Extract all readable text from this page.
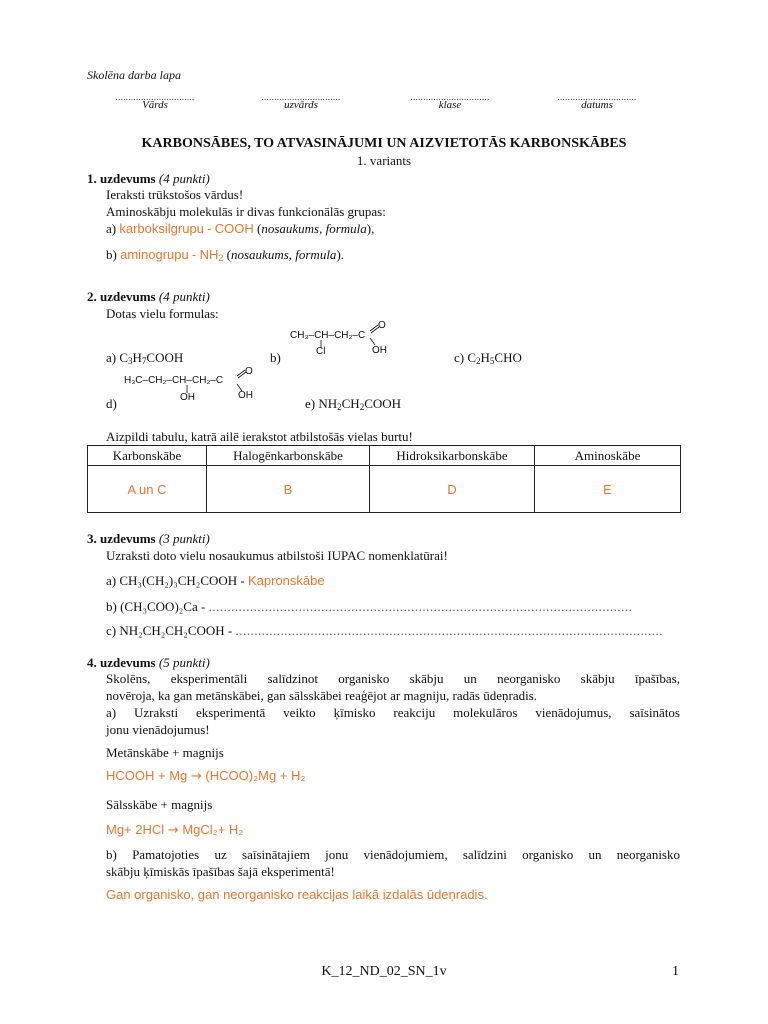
Skolēna darba lapa
...............................
Vārds
...............................
uzvārds
...............................
klase
...............................
datums
KARBONSĀBES, TO ATVASINĀJUMI UN AIZVIETOTĀS KARBONSKĀBES
1. variants
1. uzdevums (4 punkti)
Ieraksti trūkstošos vārdus!
Aminoskābju molekulās ir divas funkcionālās grupas:
a) karboksilgrupu - COOH (nosaukums, formula),
b) aminogrupu - $NH_2$ (nosaukums, formula).
2. uzdevums (4 punkti)
Dotas vielu formulas:
CH₃–CH–CH₂–C
O
OH
Cl
a) $C_3H_7COOH$	b)	c) $C_2H_5CHO$
H₃C–CH₂–CH–CH₂–C
O
OH
OH
d)	e) $NH_2CH_2COOH$
Aizpildi tabulu, katrā ailē ierakstot atbilstošās vielas burtu!
Karbonskābe	Halogēnkarbonskābe	Hidroksikarbonskābe	Aminoskābe
A un C	B	D	E
3. uzdevums (3 punkti)
Uzraksti doto vielu nosaukumus atbilstoši IUPAC nomenklatūrai!
a) CH₃(CH₂)₃CH₂COOH - Kapronskābe
b) (CH₃COO)₂Ca - .................................................................................................................
c) NH₂CH₂CH₂COOH - ..................................................................................................................
4. uzdevums (5 punkti)
Skolēns, eksperimentāli salīdzinot organisko skābju un neorganisko skābju īpašības,
novēroja, ka gan metānskābei, gan sālsskābei reaģējot ar magniju, radās ūdeņradis.
a) Uzraksti eksperimentā veikto ķīmisko reakciju molekulāros vienādojumus, saīsinātos
jonu vienādojumus!
Metānskābe + magnijs
HCOOH + Mg → (HCOO)₂Mg + H₂
Sālsskābe + magnijs
Mg+ 2HCl → MgCl₂+ H₂
b) Pamatojoties uz saīsinātajiem jonu vienādojumiem, salīdzini organisko un neorganisko
skābju ķīmiskās īpašības šajā eksperimentā!
Gan organisko, gan neorganisko reakcijas laikā izdalās ūdeņradis.
K_12_ND_02_SN_1v	1
